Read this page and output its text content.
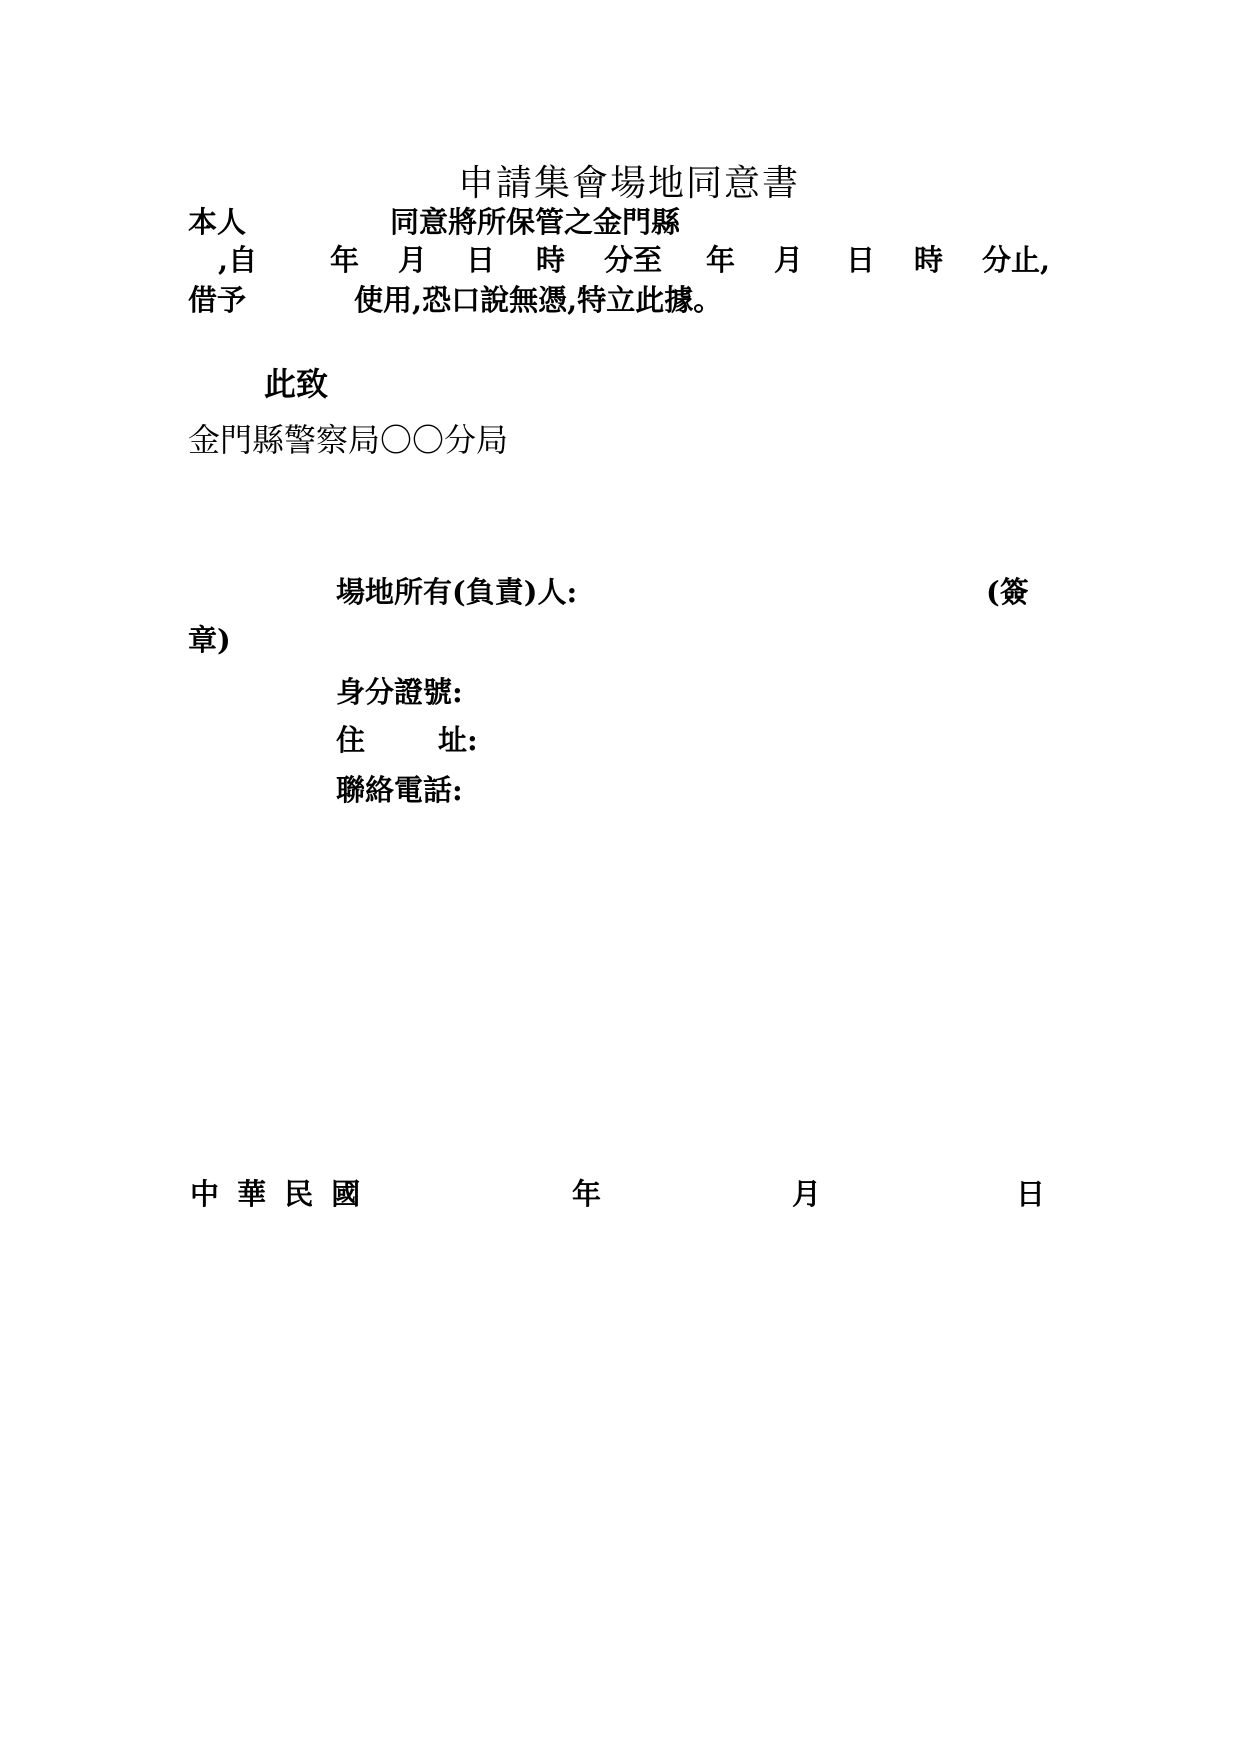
申請集會場地同意書
本人	同意將所保管之金門縣
,自	年 月 日 時 分至 年 月 日 時 分止,
借予	使用,恐口說無憑,特立此據。
此致
金門縣警察局〇〇分局
場地所有(負責)人:	(簽
章)
身分證號:
住	址:
聯絡電話:
中 華 民 國	年	月	日
